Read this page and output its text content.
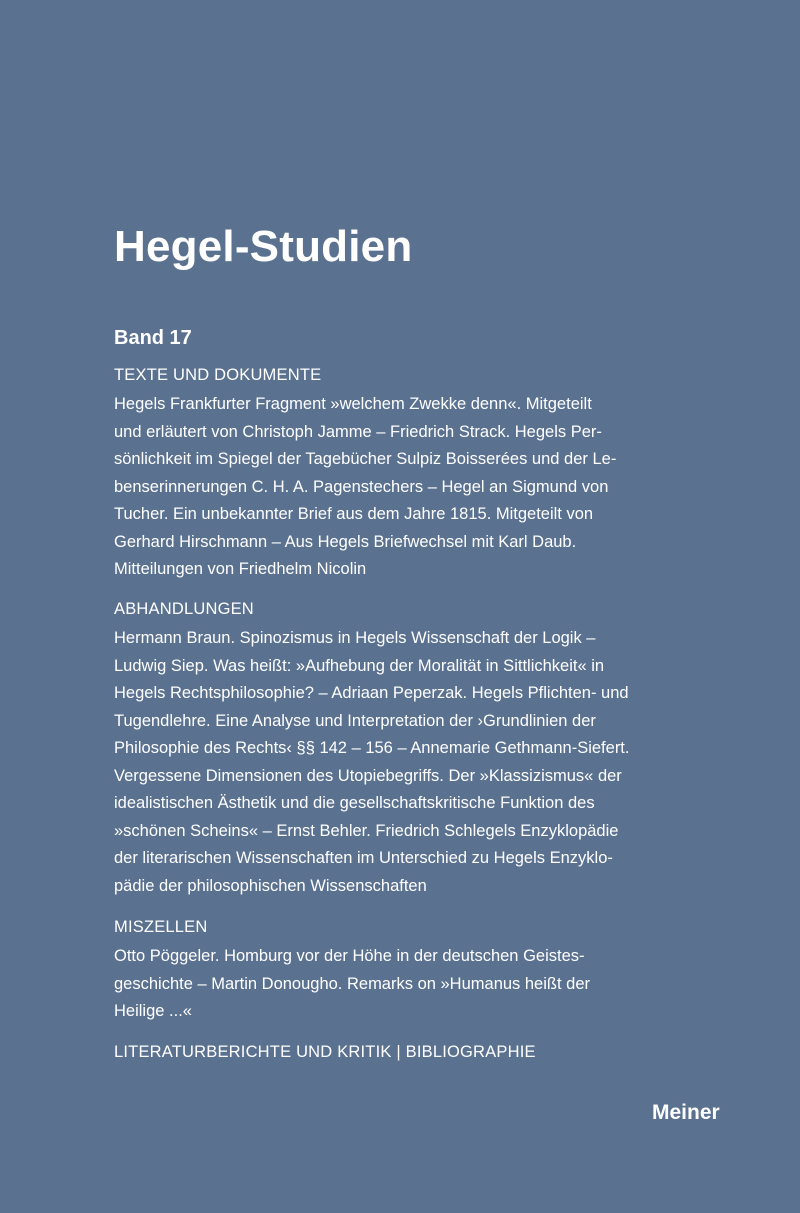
Hegel-Studien
Band 17
TEXTE UND DOKUMENTE
Hegels Frankfurter Fragment »welchem Zwekke denn«. Mitgeteilt
und erläutert von Christoph Jamme – Friedrich Strack. Hegels Per-
sönlichkeit im Spiegel der Tagebücher Sulpiz Boisserées und der Le-
benserinnerungen C. H. A. Pagenstechers – Hegel an Sigmund von
Tucher. Ein unbekannter Brief aus dem Jahre 1815. Mitgeteilt von
Gerhard Hirschmann – Aus Hegels Briefwechsel mit Karl Daub.
Mitteilungen von Friedhelm Nicolin
ABHANDLUNGEN
Hermann Braun. Spinozismus in Hegels Wissenschaft der Logik –
Ludwig Siep. Was heißt: »Aufhebung der Moralität in Sittlichkeit« in
Hegels Rechtsphilosophie? – Adriaan Peperzak. Hegels Pflichten- und
Tugendlehre. Eine Analyse und Interpretation der ›Grundlinien der
Philosophie des Rechts‹ §§ 142 – 156 – Annemarie Gethmann-Siefert.
Vergessene Dimensionen des Utopiebegriffs. Der »Klassizismus« der
idealistischen Ästhetik und die gesellschaftskritische Funktion des
»schönen Scheins« – Ernst Behler. Friedrich Schlegels Enzyklopädie
der literarischen Wissenschaften im Unterschied zu Hegels Enzyklo-
pädie der philosophischen Wissenschaften
MISZELLEN
Otto Pöggeler. Homburg vor der Höhe in der deutschen Geistes-
geschichte – Martin Donougho. Remarks on »Humanus heißt der
Heilige ...«
LITERATURBERICHTE UND KRITIK | BIBLIOGRAPHIE
Meiner
